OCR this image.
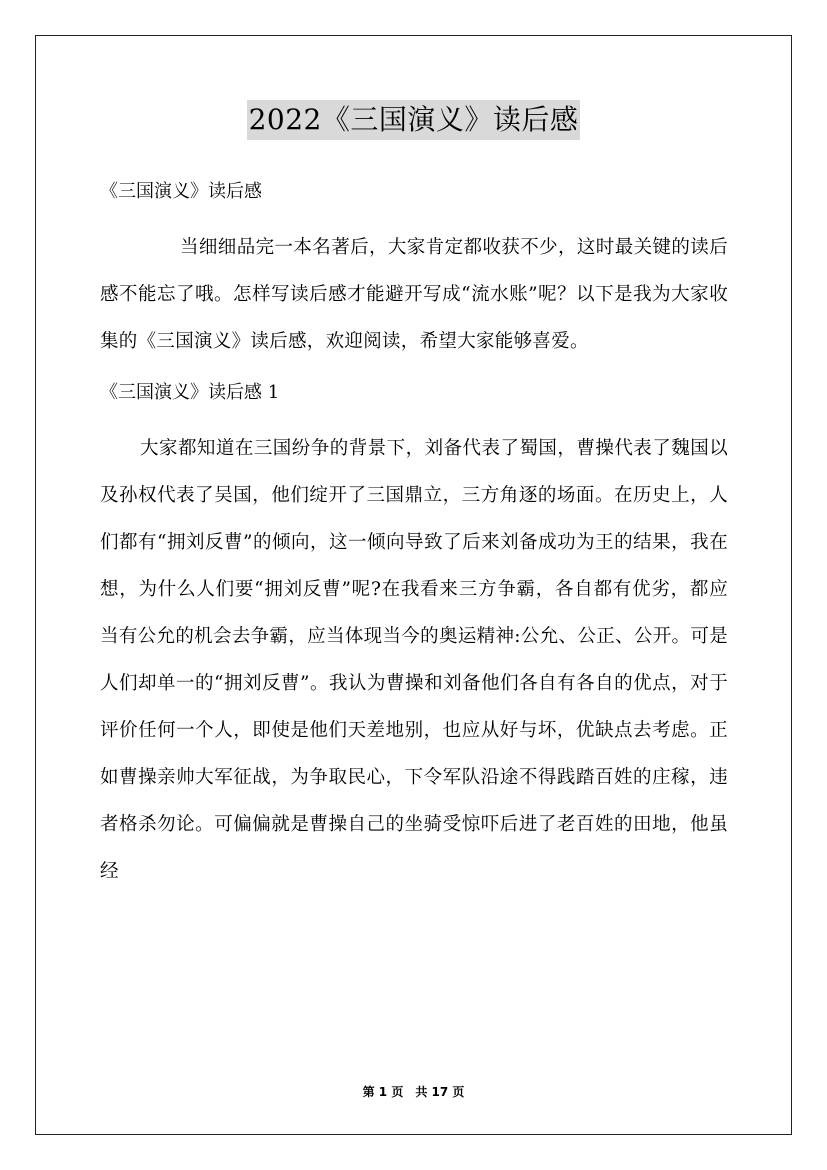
2022《三国演义》读后感

《三国演义》读后感

当细细品完一本名著后，大家肯定都收获不少，这时最关键的读后感不能忘了哦。怎样写读后感才能避开写成“流水账”呢？以下是我为大家收集的《三国演义》读后感，欢迎阅读，希望大家能够喜爱。

《三国演义》读后感 1

大家都知道在三国纷争的背景下，刘备代表了蜀国，曹操代表了魏国以及孙权代表了吴国，他们绽开了三国鼎立，三方角逐的场面。在历史上，人们都有“拥刘反曹”的倾向，这一倾向导致了后来刘备成功为王的结果，我在想，为什么人们要“拥刘反曹”呢?在我看来三方争霸，各自都有优劣，都应当有公允的机会去争霸，应当体现当今的奥运精神:公允、公正、公开。可是人们却单一的“拥刘反曹”。我认为曹操和刘备他们各自有各自的优点，对于评价任何一个人，即使是他们天差地别，也应从好与坏，优缺点去考虑。正如曹操亲帅大军征战，为争取民心，下令军队沿途不得践踏百姓的庄稼，违者格杀勿论。可偏偏就是曹操自己的坐骑受惊吓后进了老百姓的田地，他虽经

第 1 页　共 17 页
